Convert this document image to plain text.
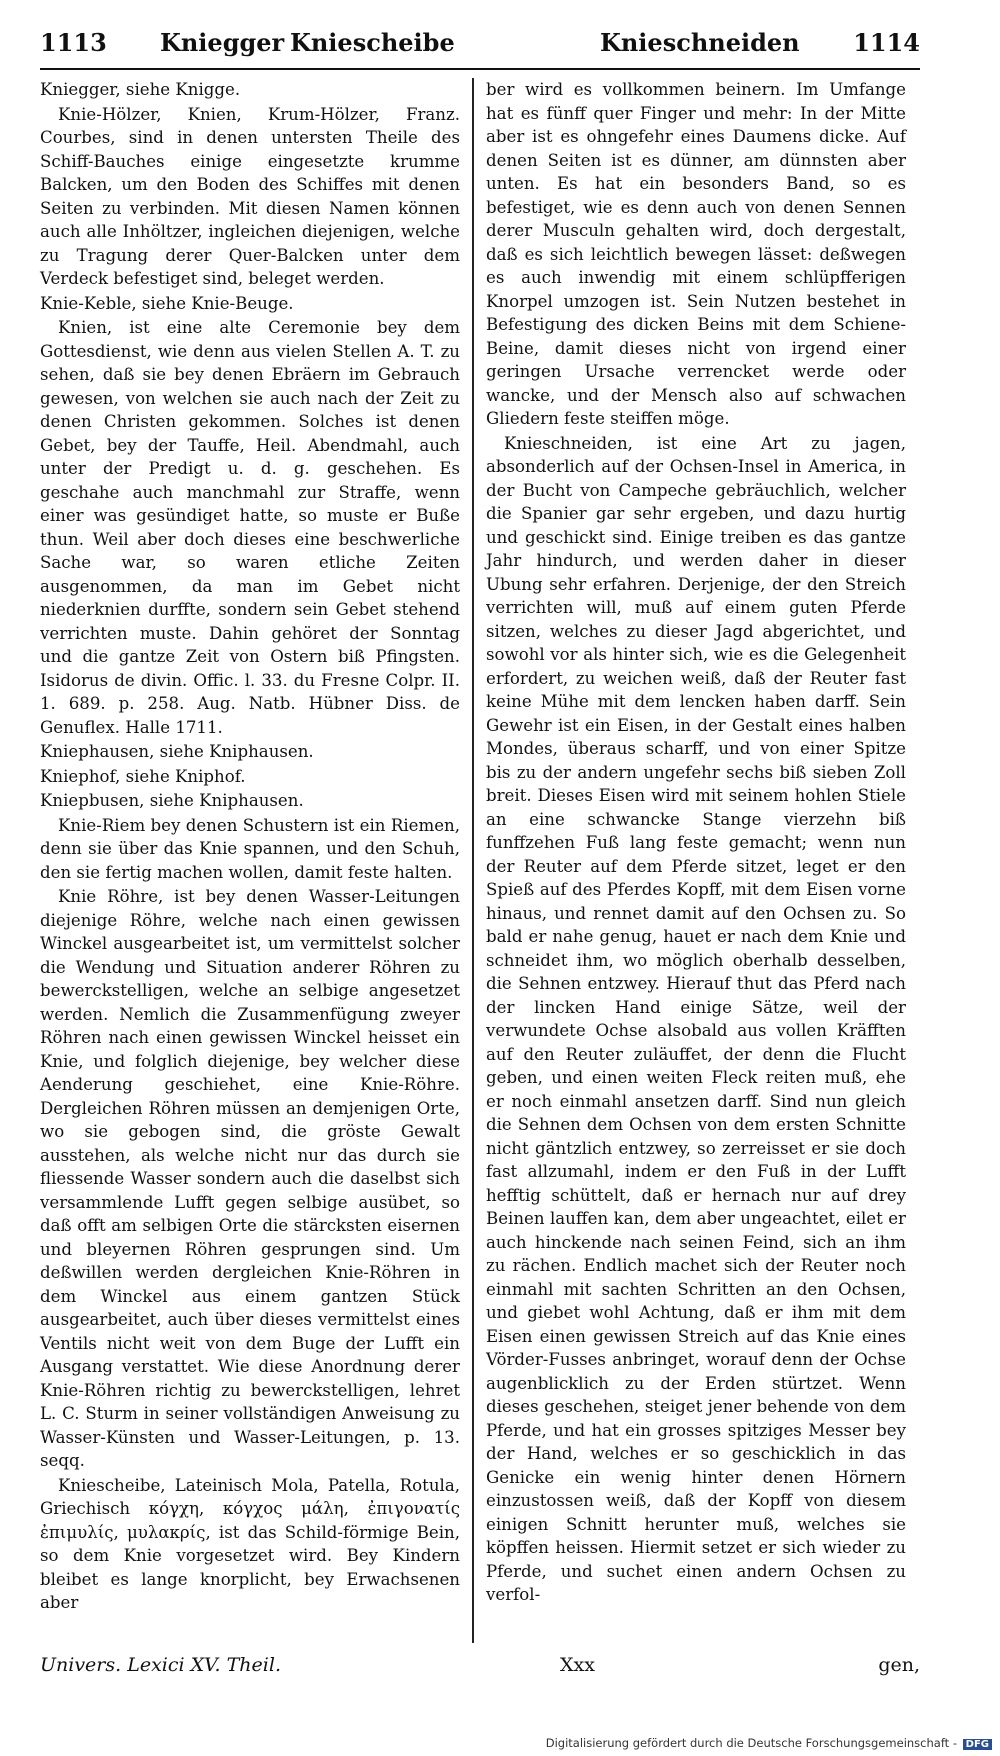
1113 Kniegger Kniescheibe	Knieschneiden 1114

Kniegger, siehe Knigge.

Knie-Hölzer, Knien, Krum-Hölzer, Franz. Courbes, sind in denen untersten Theile des Schiff-Bauches einige eingesetzte krumme Balcken, um den Boden des Schiffes mit denen Seiten zu verbinden. Mit diesen Namen können auch alle Inhöltzer, ingleichen diejenigen, welche zu Tragung derer Quer-Balcken unter dem Verdeck befestiget sind, beleget werden.

Knie-Keble, siehe Knie-Beuge.

Knien, ist eine alte Ceremonie bey dem Gottesdienst, wie denn aus vielen Stellen A. T. zu sehen, daß sie bey denen Ebräern im Gebrauch gewesen, von welchen sie auch nach der Zeit zu denen Christen gekommen. Solches ist denen Gebet, bey der Tauffe, Heil. Abendmahl, auch unter der Predigt u. d. g. geschehen. Es geschahe auch manchmahl zur Straffe, wenn einer was gesündiget hatte, so muste er Buße thun. Weil aber doch dieses eine beschwerliche Sache war, so waren etliche Zeiten ausgenommen, da man im Gebet nicht niederknien durffte, sondern sein Gebet stehend verrichten muste. Dahin gehöret der Sonntag und die gantze Zeit von Ostern biß Pfingsten. Isidorus de divin. Offic. l. 33. du Fresne Colpr. II. 1. 689. p. 258. Aug. Natb. Hübner Diss. de Genuflex. Halle 1711.

Kniephausen, siehe Kniphausen.

Kniephof, siehe Kniphof.

Kniepbusen, siehe Kniphausen.

Knie-Riem bey denen Schustern ist ein Riemen, denn sie über das Knie spannen, und den Schuh, den sie fertig machen wollen, damit feste halten.

Knie Röhre, ist bey denen Wasser-Leitungen diejenige Röhre, welche nach einen gewissen Winckel ausgearbeitet ist, um vermittelst solcher die Wendung und Situation anderer Röhren zu bewerckstelligen, welche an selbige angesetzet werden. Nemlich die Zusammenfügung zweyer Röhren nach einen gewissen Winckel heisset ein Knie, und folglich diejenige, bey welcher diese Aenderung geschiehet, eine Knie-Röhre. Dergleichen Röhren müssen an demjenigen Orte, wo sie gebogen sind, die gröste Gewalt ausstehen, als welche nicht nur das durch sie fliessende Wasser sondern auch die daselbst sich versammlende Lufft gegen selbige ausübet, so daß offt am selbigen Orte die stärcksten eisernen und bleyernen Röhren gesprungen sind. Um deßwillen werden dergleichen Knie-Röhren in dem Winckel aus einem gantzen Stück ausgearbeitet, auch über dieses vermittelst eines Ventils nicht weit von dem Buge der Lufft ein Ausgang verstattet. Wie diese Anordnung derer Knie-Röhren richtig zu bewerckstelligen, lehret L. C. Sturm in seiner vollständigen Anweisung zu Wasser-Künsten und Wasser-Leitungen, p. 13. seqq.

Kniescheibe, Lateinisch Mola, Patella, Rotula, Griechisch κόγχη, κόγχος μάλη, ἐπιγονατίς ἐπιμυλίς, μυλακρίς, ist das Schild-förmige Bein, so dem Knie vorgesetzet wird. Bey Kindern bleibet es lange knorplicht, bey Erwachsenen aber

ber wird es vollkommen beinern. Im Umfange hat es fünff quer Finger und mehr: In der Mitte aber ist es ohngefehr eines Daumens dicke. Auf denen Seiten ist es dünner, am dünnsten aber unten. Es hat ein besonders Band, so es befestiget, wie es denn auch von denen Sennen derer Musculn gehalten wird, doch dergestalt, daß es sich leichtlich bewegen lässet: deßwegen es auch inwendig mit einem schlüpfferigen Knorpel umzogen ist. Sein Nutzen bestehet in Befestigung des dicken Beins mit dem Schiene-Beine, damit dieses nicht von irgend einer geringen Ursache verrencket werde oder wancke, und der Mensch also auf schwachen Gliedern feste steiffen möge.

Knieschneiden, ist eine Art zu jagen, absonderlich auf der Ochsen-Insel in America, in der Bucht von Campeche gebräuchlich, welcher die Spanier gar sehr ergeben, und dazu hurtig und geschickt sind. Einige treiben es das gantze Jahr hindurch, und werden daher in dieser Ubung sehr erfahren. Derjenige, der den Streich verrichten will, muß auf einem guten Pferde sitzen, welches zu dieser Jagd abgerichtet, und sowohl vor als hinter sich, wie es die Gelegenheit erfordert, zu weichen weiß, daß der Reuter fast keine Mühe mit dem lencken haben darff. Sein Gewehr ist ein Eisen, in der Gestalt eines halben Mondes, überaus scharff, und von einer Spitze bis zu der andern ungefehr sechs biß sieben Zoll breit. Dieses Eisen wird mit seinem hohlen Stiele an eine schwancke Stange vierzehn biß funffzehen Fuß lang feste gemacht; wenn nun der Reuter auf dem Pferde sitzet, leget er den Spieß auf des Pferdes Kopff, mit dem Eisen vorne hinaus, und rennet damit auf den Ochsen zu. So bald er nahe genug, hauet er nach dem Knie und schneidet ihm, wo möglich oberhalb desselben, die Sehnen entzwey. Hierauf thut das Pferd nach der lincken Hand einige Sätze, weil der verwundete Ochse alsobald aus vollen Kräfften auf den Reuter zuläuffet, der denn die Flucht geben, und einen weiten Fleck reiten muß, ehe er noch einmahl ansetzen darff. Sind nun gleich die Sehnen dem Ochsen von dem ersten Schnitte nicht gäntzlich entzwey, so zerreisset er sie doch fast allzumahl, indem er den Fuß in der Lufft hefftig schüttelt, daß er hernach nur auf drey Beinen lauffen kan, dem aber ungeachtet, eilet er auch hinckende nach seinen Feind, sich an ihm zu rächen. Endlich machet sich der Reuter noch einmahl mit sachten Schritten an den Ochsen, und giebet wohl Achtung, daß er ihm mit dem Eisen einen gewissen Streich auf das Knie eines Vörder-Fusses anbringet, worauf denn der Ochse augenblicklich zu der Erden stürtzet. Wenn dieses geschehen, steiget jener behende von dem Pferde, und hat ein grosses spitziges Messer bey der Hand, welches er so geschicklich in das Genicke ein wenig hinter denen Hörnern einzustossen weiß, daß der Kopff von diesem einigen Schnitt herunter muß, welches sie köpffen heissen. Hiermit setzet er sich wieder zu Pferde, und suchet einen andern Ochsen zu verfol-

Univers. Lexici XV. Theil.	Xxx	gen,
Digitalisierung gefördert durch die Deutsche Forschungsgemeinschaft - DFG
